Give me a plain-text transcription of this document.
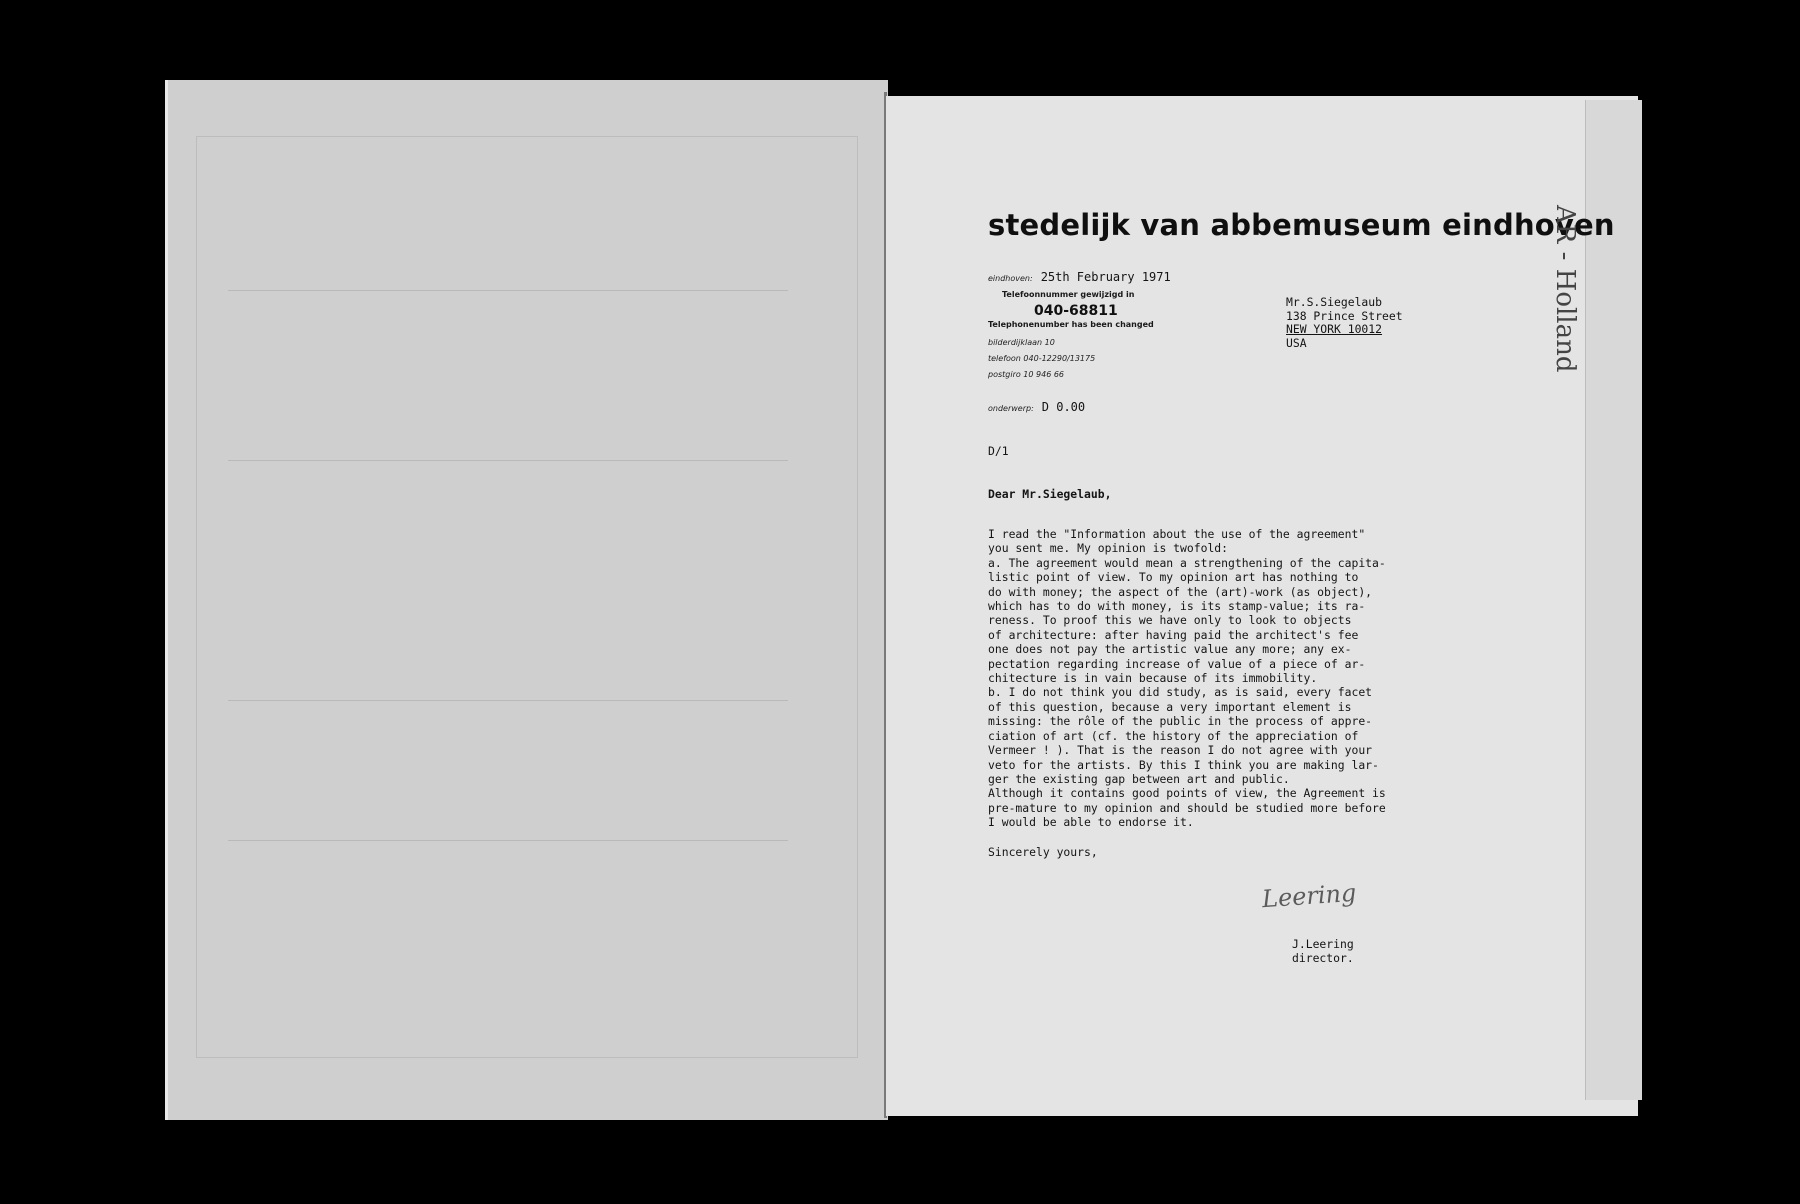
stedelijk van abbemuseum eindhoven
eindhoven: 25th February 1971
Telefoonnummer gewijzigd in
040-68811
Telephonenumber has been changed
bilderdijklaan 10
telefoon 040-12290/13175
postgiro 10 946 66
onderwerp: D 0.00
Mr.S.Siegelaub
138 Prince Street
NEW YORK 10012
USA
D/1
Dear Mr.Siegelaub,
I read the "Information about the use of the agreement"
you sent me. My opinion is twofold:
a. The agreement would mean a strengthening of the capita-
listic point of view. To my opinion art has nothing to
do with money; the aspect of the (art)-work (as object),
which has to do with money, is its stamp-value; its ra-
reness. To proof this we have only to look to objects
of architecture: after having paid the architect's fee
one does not pay the artistic value any more; any ex-
pectation regarding increase of value of a piece of ar-
chitecture is in vain because of its immobility.
b. I do not think you did study, as is said, every facet
of this question, because a very important element is
missing: the rôle of the public in the process of appre-
ciation of art (cf. the history of the appreciation of
Vermeer ! ). That is the reason I do not agree with your
veto for the artists. By this I think you are making lar-
ger the existing gap between art and public.
Although it contains good points of view, the Agreement is
pre-mature to my opinion and should be studied more before
I would be able to endorse it.
Sincerely yours,
Leering
J.Leering
director.
AR - Holland
